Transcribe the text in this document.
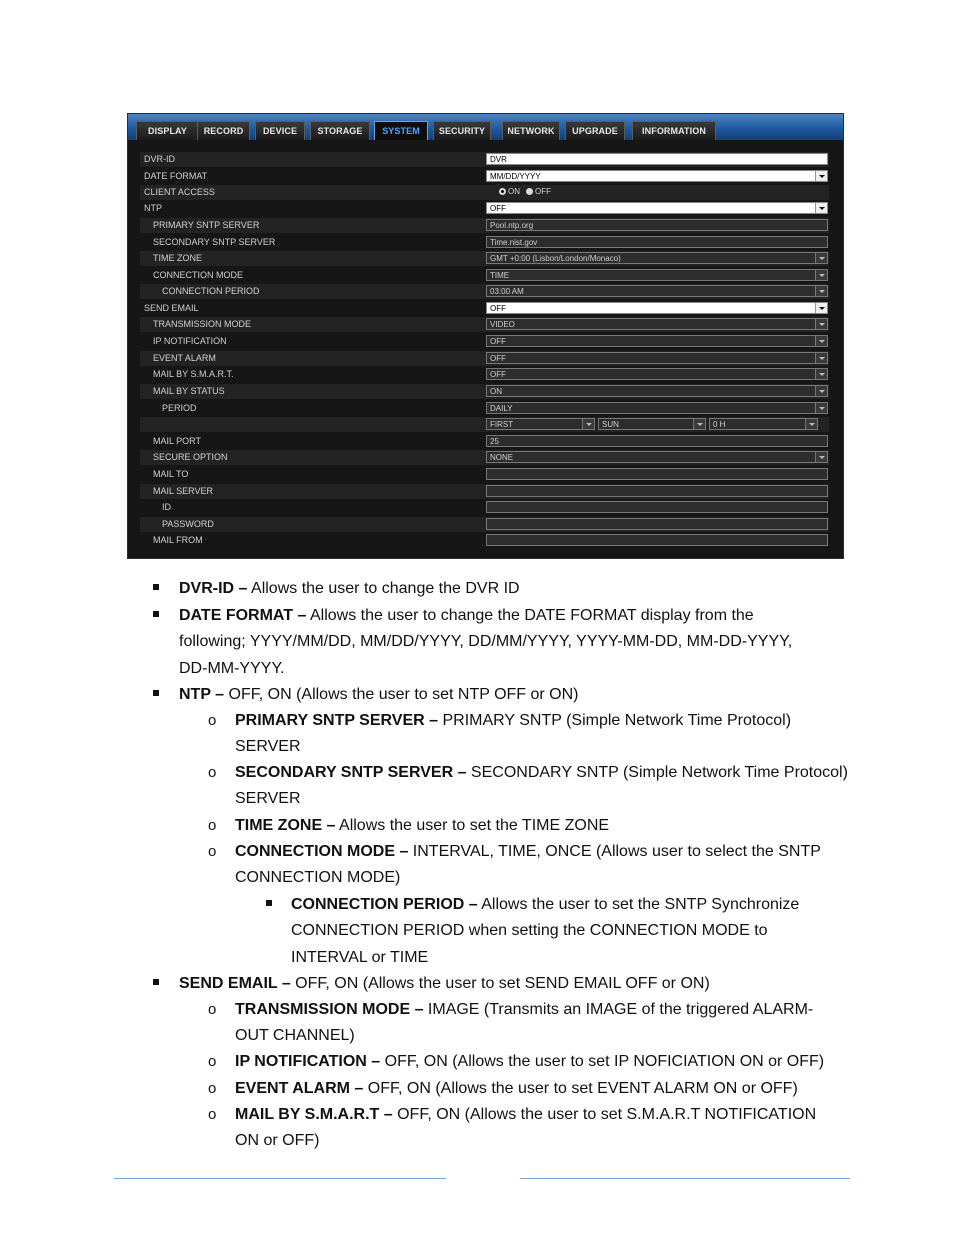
DISPLAY	RECORD	DEVICE	STORAGE	SYSTEM	SECURITY	NETWORK	UPGRADE	INFORMATION
DVR-ID	DVR
DATE FORMAT	MM/DD/YYYY
CLIENT ACCESS	ON OFF
NTP	OFF
PRIMARY SNTP SERVER	Pool.ntp.org
SECONDARY SNTP SERVER	Time.nist.gov
TIME ZONE	GMT +0:00 (Lisbon/London/Monaco)
CONNECTION MODE	TIME
CONNECTION PERIOD	03:00 AM
SEND EMAIL	OFF
TRANSMISSION MODE	VIDEO
IP NOTIFICATION	OFF
EVENT ALARM	OFF
MAIL BY S.M.A.R.T.	OFF
MAIL BY STATUS	ON
PERIOD	DAILY
FIRST	SUN	0 H
MAIL PORT	25
SECURE OPTION	NONE
MAIL TO
MAIL SERVER
ID
PASSWORD
MAIL FROM
DVR-ID – Allows the user to change the DVR ID
DATE FORMAT – Allows the user to change the DATE FORMAT display from the
following; YYYY/MM/DD, MM/DD/YYYY, DD/MM/YYYY, YYYY-MM-DD, MM-DD-YYYY,
DD-MM-YYYY.
NTP – OFF, ON (Allows the user to set NTP OFF or ON)
o PRIMARY SNTP SERVER – PRIMARY SNTP (Simple Network Time Protocol)
SERVER
o SECONDARY SNTP SERVER – SECONDARY SNTP (Simple Network Time Protocol)
SERVER
o TIME ZONE – Allows the user to set the TIME ZONE
o CONNECTION MODE – INTERVAL, TIME, ONCE (Allows user to select the SNTP
CONNECTION MODE)
CONNECTION PERIOD – Allows the user to set the SNTP Synchronize
CONNECTION PERIOD when setting the CONNECTION MODE to
INTERVAL or TIME
SEND EMAIL – OFF, ON (Allows the user to set SEND EMAIL OFF or ON)
o TRANSMISSION MODE – IMAGE (Transmits an IMAGE of the triggered ALARM-
OUT CHANNEL)
o IP NOTIFICATION – OFF, ON (Allows the user to set IP NOFICIATION ON or OFF)
o EVENT ALARM – OFF, ON (Allows the user to set EVENT ALARM ON or OFF)
o MAIL BY S.M.A.R.T – OFF, ON (Allows the user to set S.M.A.R.T NOTIFICATION
ON or OFF)
